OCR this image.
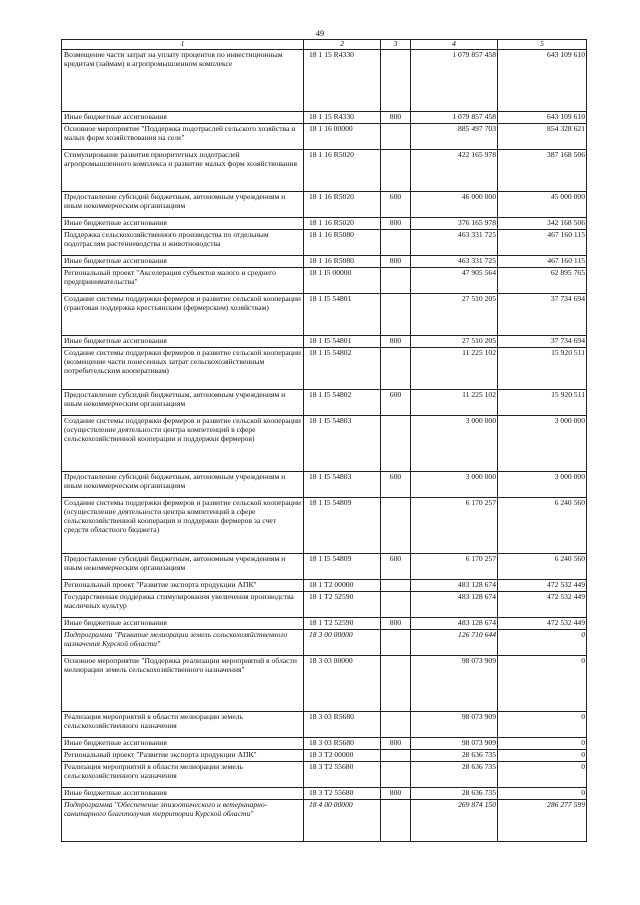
49
1	2	3	4	5
Возмещение части затрат на уплату процентов по инвестиционным кредитам (займам) в агропромышленном комплексе	18 1 15 R4330		1 079 857 458	643 109 610
Иные бюджетные ассигнования	18 1 15 R4330	800	1 079 857 458	643 109 610
Основное мероприятие "Поддержка подотраслей сельского хозяйства и малых форм хозяйствования на селе"	18 1 16 00000		885 497 703	854 328 621
Стимулирование развития приоритетных подотраслей агропромышленного комплекса и развитие малых форм хозяйствования	18 1 16 R5020		422 165 978	387 168 506
Предоставление субсидий бюджетным, автономным учреждениям и иным некоммерческим организациям	18 1 16 R5020	600	46 000 000	45 000 000
Иные бюджетные ассигнования	18 1 16 R5020	800	376 165 978	342 168 506
Поддержка сельскохозяйственного производства по отдельным подотраслям растениеводства и животноводства	18 1 16 R5080		463 331 725	467 160 115
Иные бюджетные ассигнования	18 1 16 R5080	800	463 331 725	467 160 115
Региональный проект "Акселерация субъектов малого и среднего предпринимательства"	18 1 I5 00000		47 905 564	62 895 765
Создание системы поддержки фермеров и развитие сельской кооперации (грантовая поддержка крестьянским (фермерским) хозяйствам)	18 1 I5 54801		27 510 205	37 734 694
Иные бюджетные ассигнования	18 1 I5 54801	800	27 510 205	37 734 694
Создание системы поддержки фермеров и развитие сельской кооперации (возмещение части понесенных затрат сельскохозяйственным потребительским кооперативам)	18 1 I5 54802		11 225 102	15 920 511
Предоставление субсидий бюджетным, автономным учреждениям и иным некоммерческим организациям	18 1 I5 54802	600	11 225 102	15 920 511
Создание системы поддержки фермеров и развитие сельской кооперации (осуществление деятельности центра компетенций в сфере сельскохозяйственной кооперации и поддержки фермеров)	18 1 I5 54803		3 000 000	3 000 000
Предоставление субсидий бюджетным, автономным учреждениям и иным некоммерческим организациям	18 1 I5 54803	600	3 000 000	3 000 000
Создание системы поддержки фермеров и развитие сельской кооперации (осуществление деятельности центра компетенций в сфере сельскохозяйственной кооперации и поддержки фермеров за счет средств областного бюджета)	18 1 I5 54809		6 170 257	6 240 560
Предоставление субсидий бюджетным, автономным учреждениям и иным некоммерческим организациям	18 1 I5 54809	600	6 170 257	6 240 560
Региональный проект "Развитие экспорта продукции АПК"	18 1 T2 00000		483 128 674	472 532 449
Государственная поддержка стимулирования увеличения производства масличных культур	18 1 T2 52590		483 128 674	472 532 449
Иные бюджетные ассигнования	18 1 T2 52590	800	483 128 674	472 532 449
Подпрограмма "Развитие мелиорации земель сельскохозяйственного назначения Курской области"	18 3 00 00000		126 710 644	0
Основное мероприятие "Поддержка реализации мероприятий в области мелиорации земель сельскохозяйственного назначения"	18 3 03 00000		98 073 909	0
Реализация мероприятий в области мелиорации земель сельскохозяйственного назначения	18 3 03 R5680		98 073 909	0
Иные бюджетные ассигнования	18 3 03 R5680	800	98 073 909	0
Региональный проект "Развитие экспорта продукции АПК"	18 3 T2 00000		28 636 735	0
Реализация мероприятий в области мелиорации земель сельскохозяйственного назначения	18 3 T2 55680		28 636 735	0
Иные бюджетные ассигнования	18 3 T2 55680	800	28 636 735	0
Подпрограмма "Обеспечение эпизоотического и ветеринарно-санитарного благополучия территории Курской области"	18 4 00 00000		269 874 150	286 277 599
